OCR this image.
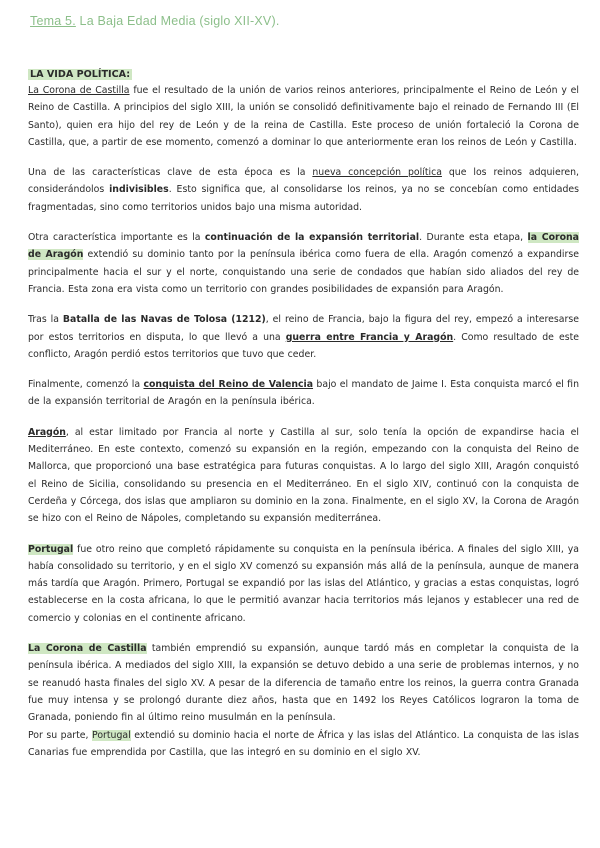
Tema 5. La Baja Edad Media (siglo XII-XV).
LA VIDA POLÍTICA:

La Corona de Castilla fue el resultado de la unión de varios reinos anteriores, principalmente el Reino de León y el Reino de Castilla. A principios del siglo XIII, la unión se consolidó definitivamente bajo el reinado de Fernando III (El Santo), quien era hijo del rey de León y de la reina de Castilla. Este proceso de unión fortaleció la Corona de Castilla, que, a partir de ese momento, comenzó a dominar lo que anteriormente eran los reinos de León y Castilla.

Una de las características clave de esta época es la nueva concepción política que los reinos adquieren, considerándolos indivisibles. Esto significa que, al consolidarse los reinos, ya no se concebían como entidades fragmentadas, sino como territorios unidos bajo una misma autoridad.

Otra característica importante es la continuación de la expansión territorial. Durante esta etapa, la Corona de Aragón extendió su dominio tanto por la península ibérica como fuera de ella. Aragón comenzó a expandirse principalmente hacia el sur y el norte, conquistando una serie de condados que habían sido aliados del rey de Francia. Esta zona era vista como un territorio con grandes posibilidades de expansión para Aragón.

Tras la Batalla de las Navas de Tolosa (1212), el reino de Francia, bajo la figura del rey, empezó a interesarse por estos territorios en disputa, lo que llevó a una guerra entre Francia y Aragón. Como resultado de este conflicto, Aragón perdió estos territorios que tuvo que ceder.

Finalmente, comenzó la conquista del Reino de Valencia bajo el mandato de Jaime I. Esta conquista marcó el fin de la expansión territorial de Aragón en la península ibérica.

Aragón, al estar limitado por Francia al norte y Castilla al sur, solo tenía la opción de expandirse hacia el Mediterráneo. En este contexto, comenzó su expansión en la región, empezando con la conquista del Reino de Mallorca, que proporcionó una base estratégica para futuras conquistas. A lo largo del siglo XIII, Aragón conquistó el Reino de Sicilia, consolidando su presencia en el Mediterráneo. En el siglo XIV, continuó con la conquista de Cerdeña y Córcega, dos islas que ampliaron su dominio en la zona. Finalmente, en el siglo XV, la Corona de Aragón se hizo con el Reino de Nápoles, completando su expansión mediterránea.

Portugal fue otro reino que completó rápidamente su conquista en la península ibérica. A finales del siglo XIII, ya había consolidado su territorio, y en el siglo XV comenzó su expansión más allá de la península, aunque de manera más tardía que Aragón. Primero, Portugal se expandió por las islas del Atlántico, y gracias a estas conquistas, logró establecerse en la costa africana, lo que le permitió avanzar hacia territorios más lejanos y establecer una red de comercio y colonias en el continente africano.

La Corona de Castilla también emprendió su expansión, aunque tardó más en completar la conquista de la península ibérica. A mediados del siglo XIII, la expansión se detuvo debido a una serie de problemas internos, y no se reanudó hasta finales del siglo XV. A pesar de la diferencia de tamaño entre los reinos, la guerra contra Granada fue muy intensa y se prolongó durante diez años, hasta que en 1492 los Reyes Católicos lograron la toma de Granada, poniendo fin al último reino musulmán en la península.

Por su parte, Portugal extendió su dominio hacia el norte de África y las islas del Atlántico. La conquista de las islas Canarias fue emprendida por Castilla, que las integró en su dominio en el siglo XV.
